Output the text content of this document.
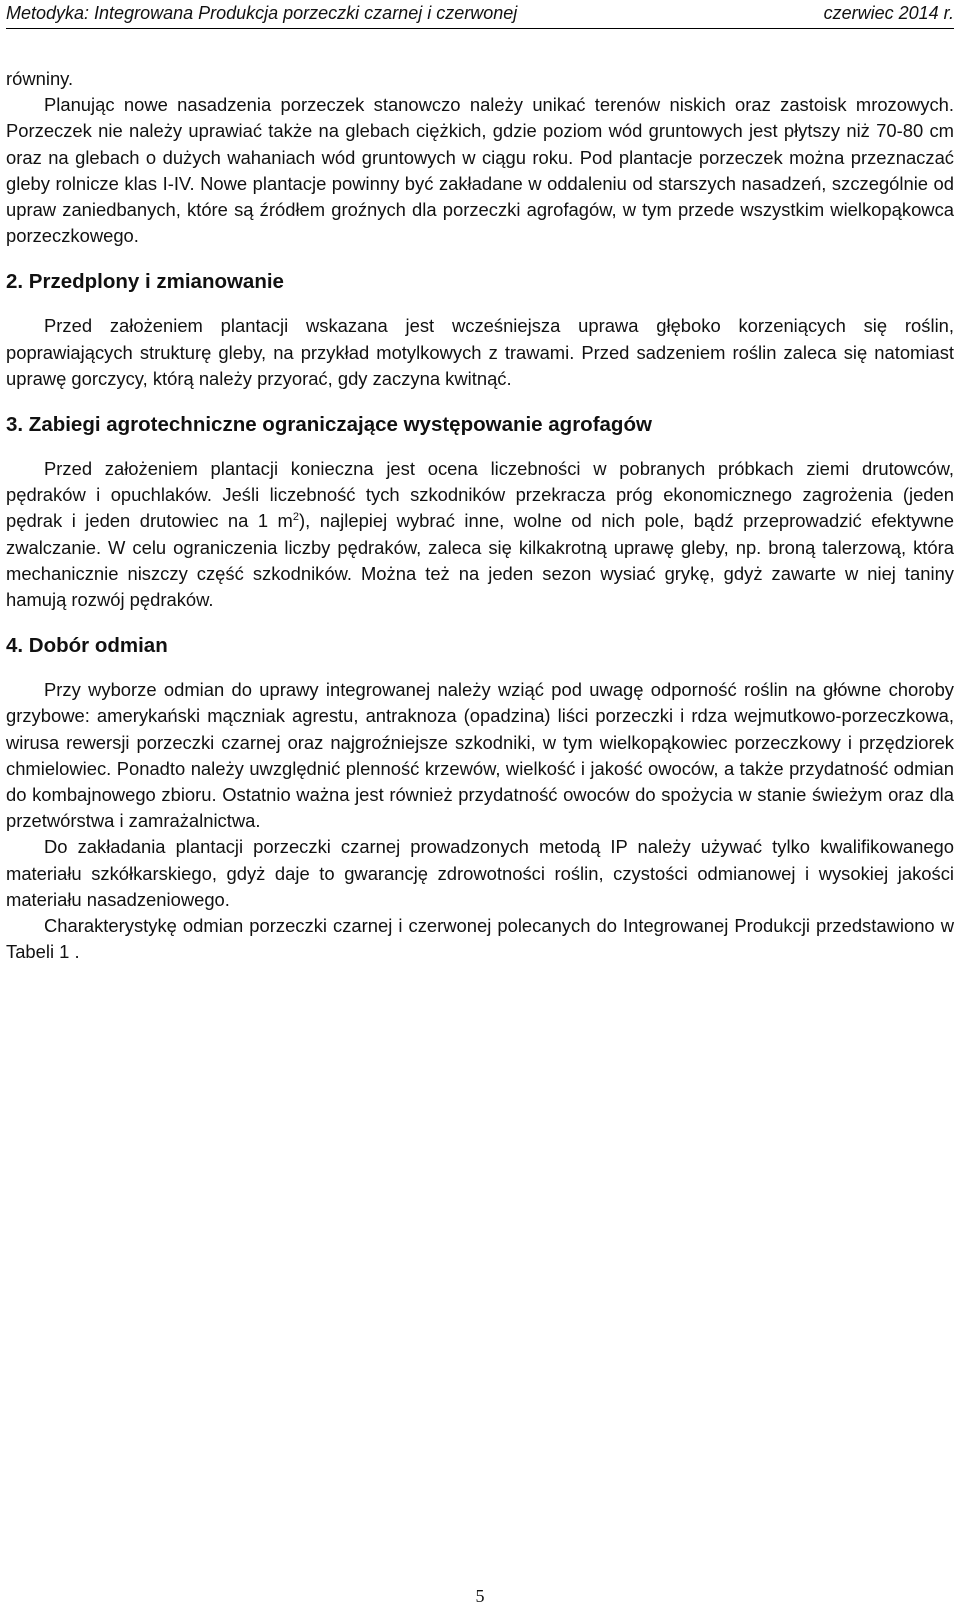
Metodyka: Integrowana Produkcja porzeczki czarnej i czerwonej	czerwiec 2014 r.

równiny.

Planując nowe nasadzenia porzeczek stanowczo należy unikać terenów niskich oraz zastoisk mrozowych. Porzeczek nie należy uprawiać także na glebach ciężkich, gdzie poziom wód gruntowych jest płytszy niż 70-80 cm oraz na glebach o dużych wahaniach wód gruntowych w ciągu roku. Pod plantacje porzeczek można przeznaczać gleby rolnicze klas I-IV. Nowe plantacje powinny być zakładane w oddaleniu od starszych nasadzeń, szczególnie od upraw zaniedbanych, które są źródłem groźnych dla porzeczki agrofagów, w tym przede wszystkim wielkopąkowca porzeczkowego.

2. Przedplony i zmianowanie

Przed założeniem plantacji wskazana jest wcześniejsza uprawa głęboko korzeniących się roślin, poprawiających strukturę gleby, na przykład motylkowych z trawami. Przed sadzeniem roślin zaleca się natomiast uprawę gorczycy, którą należy przyorać, gdy zaczyna kwitnąć.

3. Zabiegi agrotechniczne ograniczające występowanie agrofagów

Przed założeniem plantacji konieczna jest ocena liczebności w pobranych próbkach ziemi drutowców, pędraków i opuchlaków. Jeśli liczebność tych szkodników przekracza próg ekonomicznego zagrożenia (jeden pędrak i jeden drutowiec na 1 $m^2$), najlepiej wybrać inne, wolne od nich pole, bądź przeprowadzić efektywne zwalczanie. W celu ograniczenia liczby pędraków, zaleca się kilkakrotną uprawę gleby, np. broną talerzową, która mechanicznie niszczy część szkodników. Można też na jeden sezon wysiać grykę, gdyż zawarte w niej taniny hamują rozwój pędraków.

4. Dobór odmian

Przy wyborze odmian do uprawy integrowanej należy wziąć pod uwagę odporność roślin na główne choroby grzybowe: amerykański mączniak agrestu, antraknoza (opadzina) liści porzeczki i rdza wejmutkowo-porzeczkowa, wirusa rewersji porzeczki czarnej oraz najgroźniejsze szkodniki, w tym wielkopąkowiec porzeczkowy i przędziorek chmielowiec. Ponadto należy uwzględnić plenność krzewów, wielkość i jakość owoców, a także przydatność odmian do kombajnowego zbioru. Ostatnio ważna jest również przydatność owoców do spożycia w stanie świeżym oraz dla przetwórstwa i zamrażalnictwa.

Do zakładania plantacji porzeczki czarnej prowadzonych metodą IP należy używać tylko kwalifikowanego materiału szkółkarskiego, gdyż daje to gwarancję zdrowotności roślin, czystości odmianowej i wysokiej jakości materiału nasadzeniowego.

Charakterystykę odmian porzeczki czarnej i czerwonej polecanych do Integrowanej Produkcji przedstawiono w Tabeli 1 .

5
